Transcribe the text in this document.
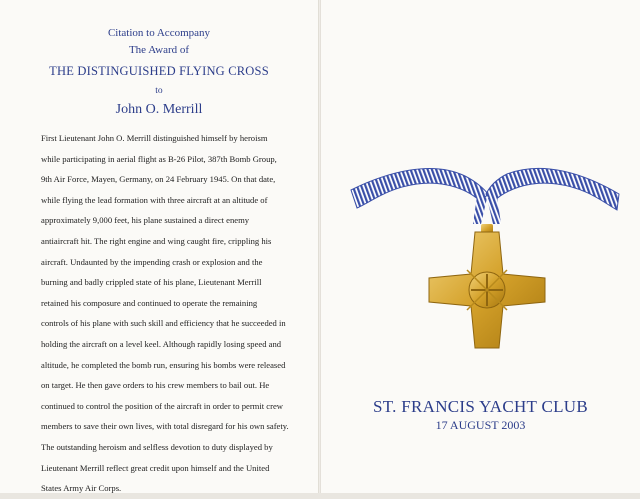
Citation to Accompany
The Award of
THE DISTINGUISHED FLYING CROSS
to
John O. Merrill
First Lieutenant John O. Merrill distinguished himself by heroism
while participating in aerial flight as B-26 Pilot, 387th Bomb Group,
9th Air Force, Mayen, Germany, on 24 February 1945. On that date,
while flying the lead formation with three aircraft at an altitude of
approximately 9,000 feet, his plane sustained a direct enemy
antiaircraft hit. The right engine and wing caught fire, crippling his
aircraft. Undaunted by the impending crash or explosion and the
burning and badly crippled state of his plane, Lieutenant Merrill
retained his composure and continued to operate the remaining
controls of his plane with such skill and efficiency that he succeeded in
holding the aircraft on a level keel. Although rapidly losing speed and
altitude, he completed the bomb run, ensuring his bombs were released
on target. He then gave orders to his crew members to bail out. He
continued to control the position of the aircraft in order to permit crew
members to save their own lives, with total disregard for his own safety.
The outstanding heroism and selfless devotion to duty displayed by
Lieutenant Merrill reflect great credit upon himself and the United
States Army Air Corps.
ST. FRANCIS YACHT CLUB
17 AUGUST 2003
